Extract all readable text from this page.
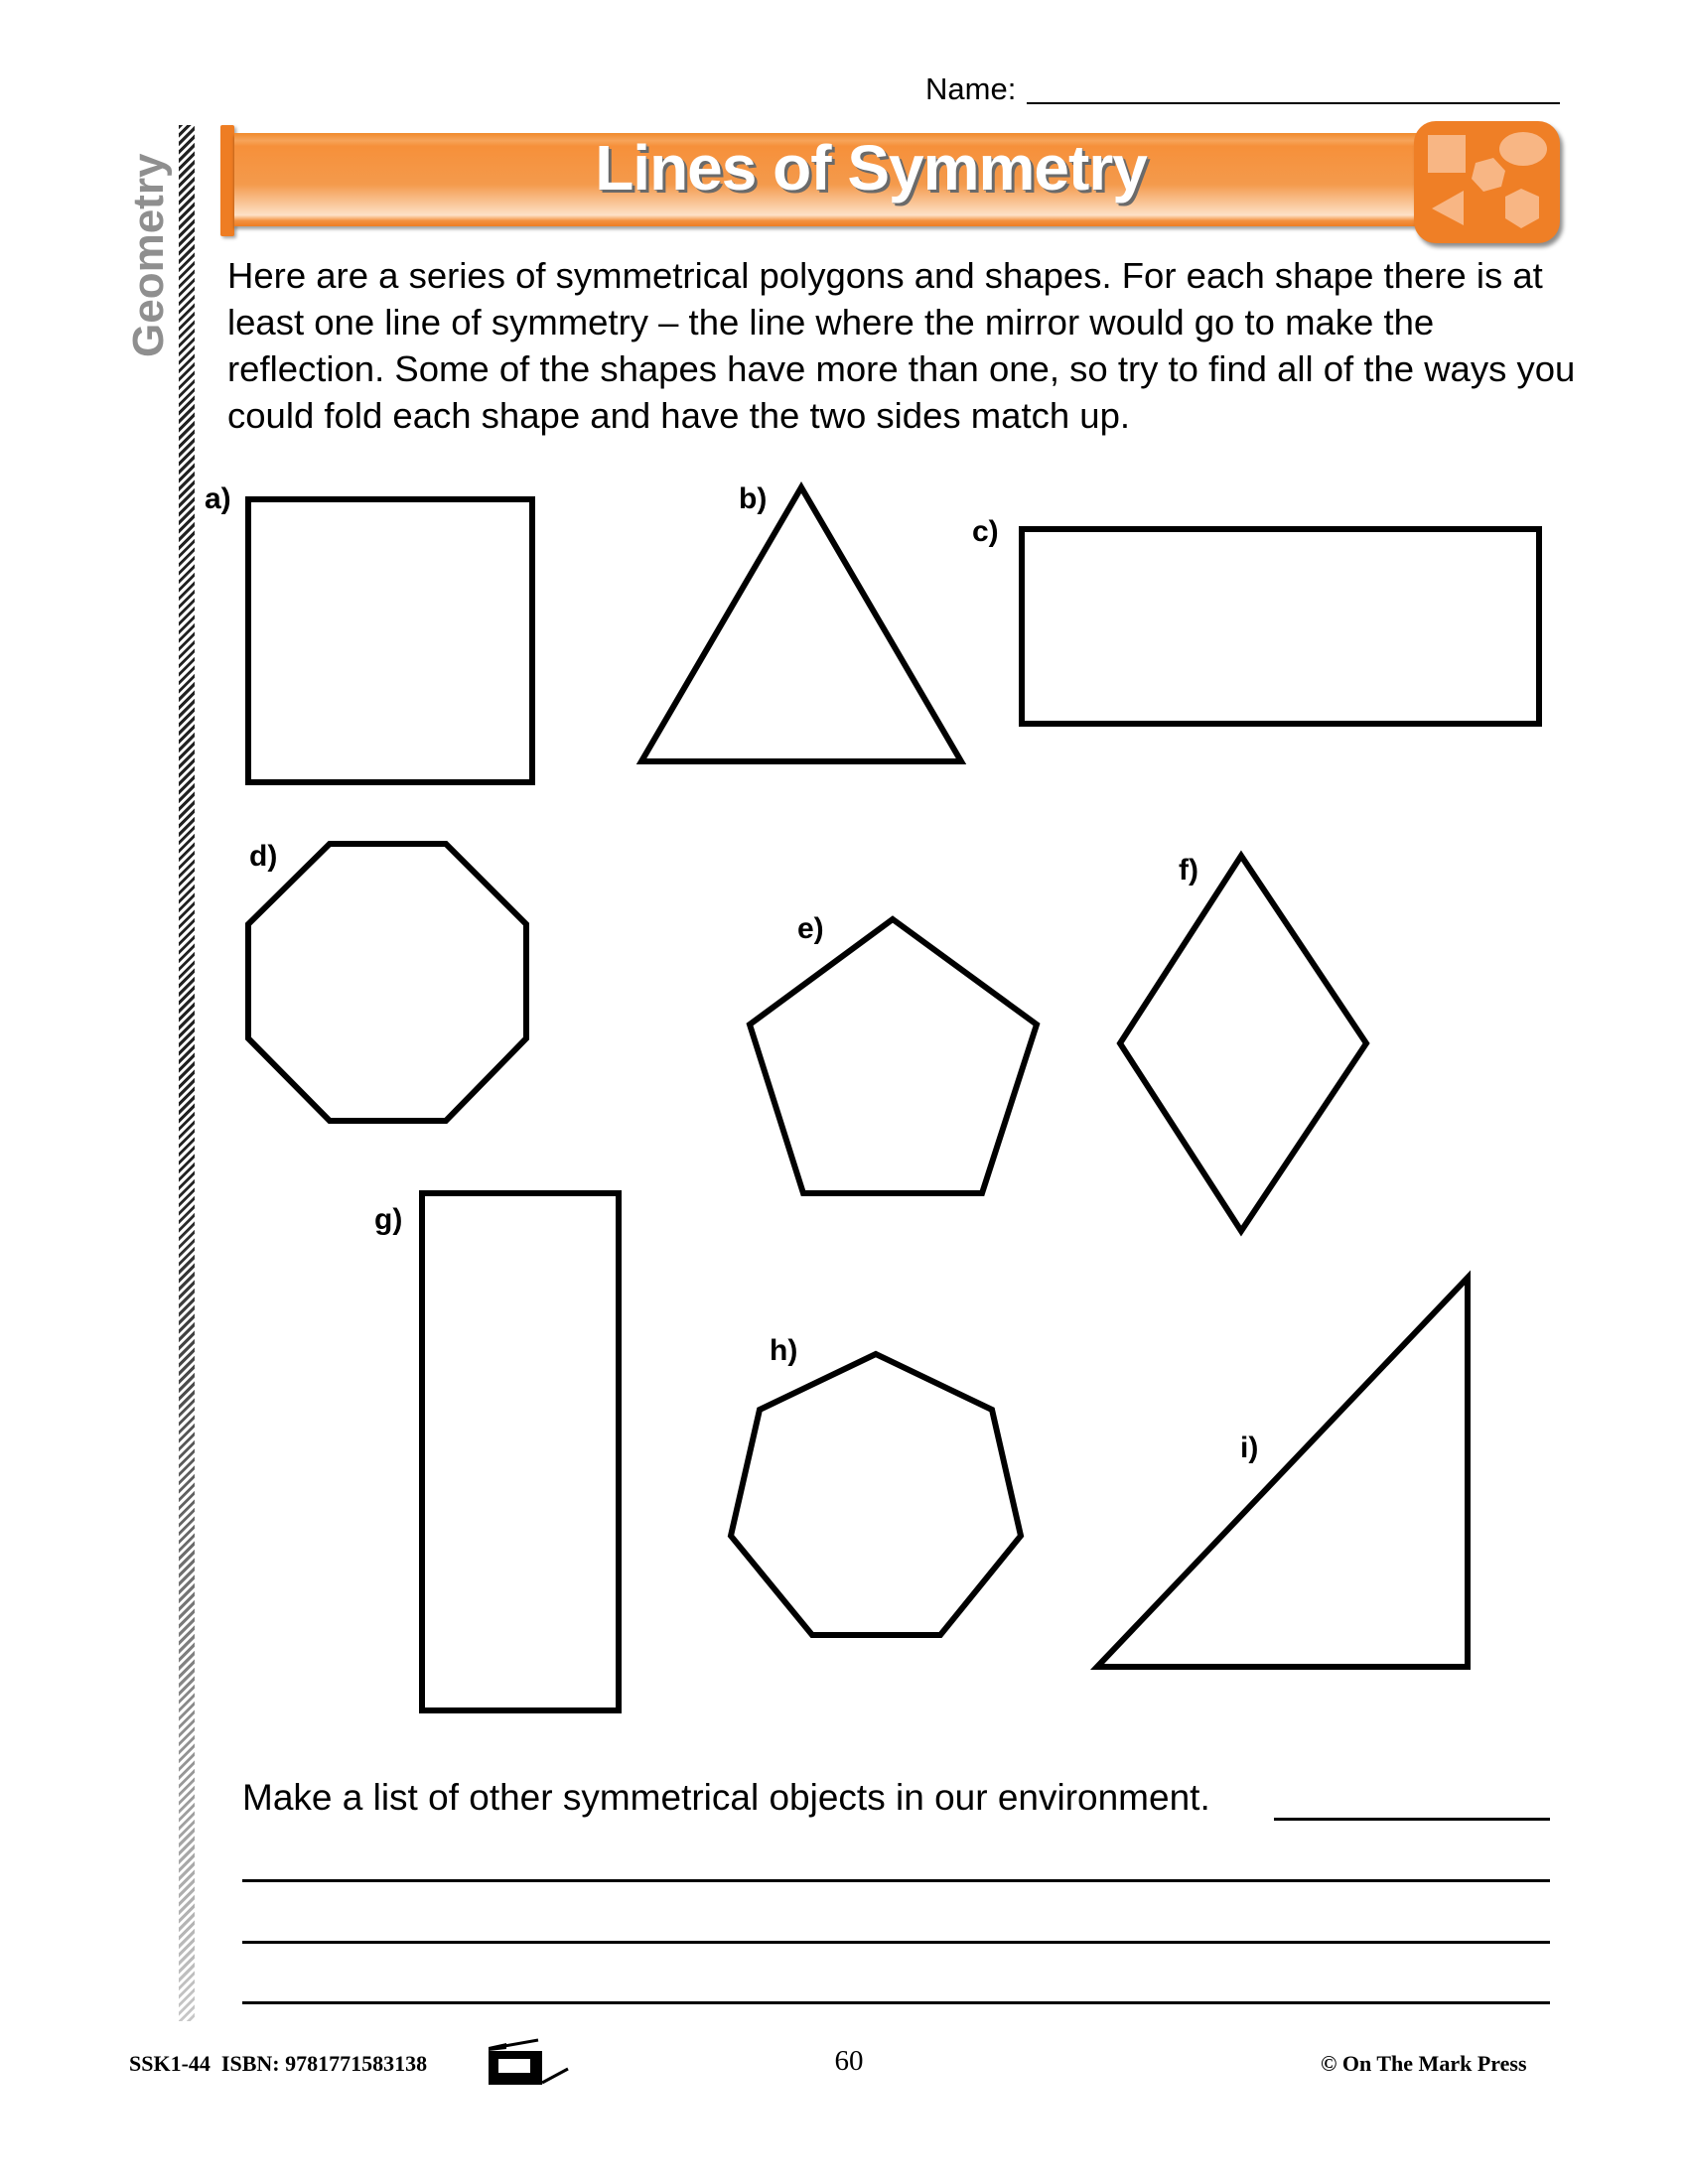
Name:
Geometry	Lines of Symmetry
Here are a series of symmetrical polygons and shapes. For each shape there is at least one line of symmetry – the line where the mirror would go to make the reflection. Some of the shapes have more than one, so try to find all of the ways you could fold each shape and have the two sides match up.
a)	b)
c)
d)
e)
f)
g)
h)
i)
Make a list of other symmetrical objects in our environment.
SSK1-44  ISBN: 9781771583138	60	© On The Mark Press
